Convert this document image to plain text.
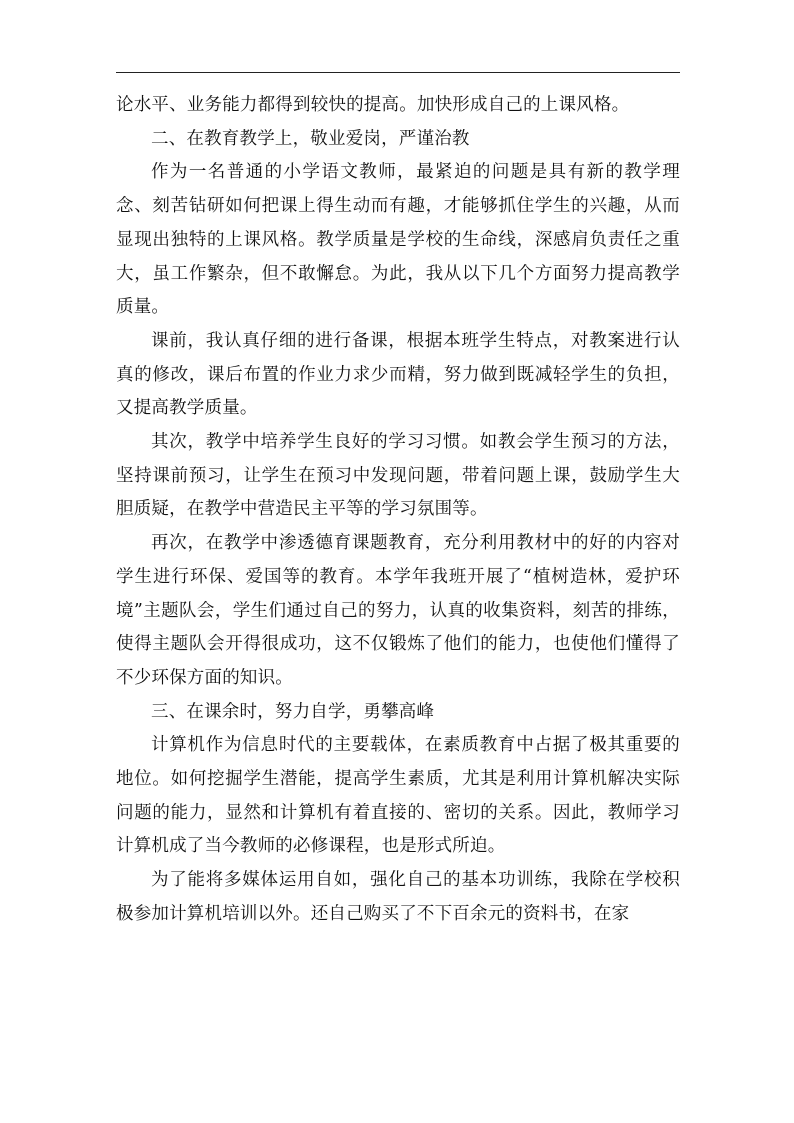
论水平、业务能力都得到较快的提高。加快形成自己的上课风格。

二、在教育教学上，敬业爱岗，严谨治教

作为一名普通的小学语文教师，最紧迫的问题是具有新的教学理念、刻苦钻研如何把课上得生动而有趣，才能够抓住学生的兴趣，从而显现出独特的上课风格。教学质量是学校的生命线，深感肩负责任之重大，虽工作繁杂，但不敢懈怠。为此，我从以下几个方面努力提高教学质量。

课前，我认真仔细的进行备课，根据本班学生特点，对教案进行认真的修改，课后布置的作业力求少而精，努力做到既减轻学生的负担，又提高教学质量。

其次，教学中培养学生良好的学习习惯。如教会学生预习的方法，坚持课前预习，让学生在预习中发现问题，带着问题上课，鼓励学生大胆质疑，在教学中营造民主平等的学习氛围等。

再次，在教学中渗透德育课题教育，充分利用教材中的好的内容对学生进行环保、爱国等的教育。本学年我班开展了“植树造林，爱护环境”主题队会，学生们通过自己的努力，认真的收集资料，刻苦的排练，使得主题队会开得很成功，这不仅锻炼了他们的能力，也使他们懂得了不少环保方面的知识。

三、在课余时，努力自学，勇攀高峰

计算机作为信息时代的主要载体，在素质教育中占据了极其重要的地位。如何挖掘学生潜能，提高学生素质，尤其是利用计算机解决实际问题的能力，显然和计算机有着直接的、密切的关系。因此，教师学习计算机成了当今教师的必修课程，也是形式所迫。

为了能将多媒体运用自如，强化自己的基本功训练，我除在学校积极参加计算机培训以外。还自己购买了不下百余元的资料书，在家
